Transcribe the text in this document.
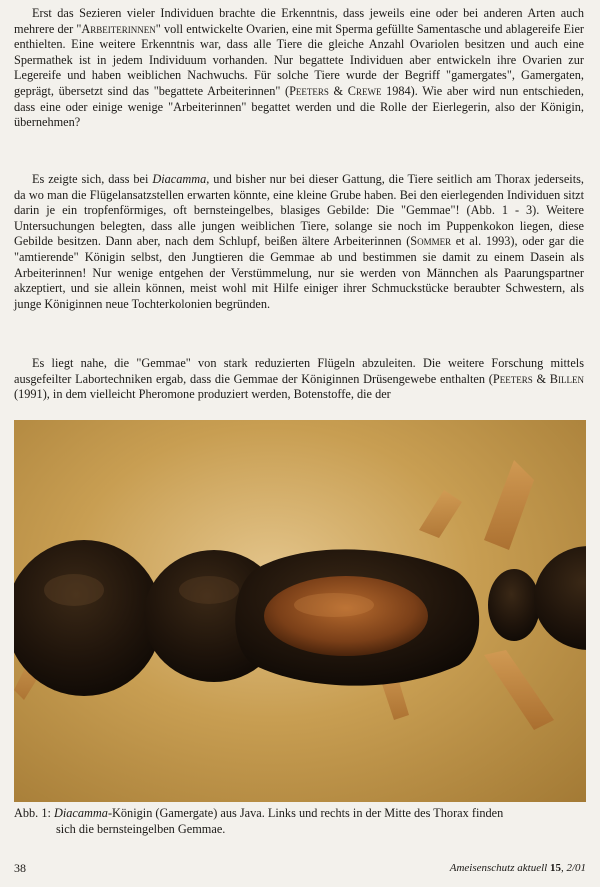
Erst das Sezieren vieler Individuen brachte die Erkenntnis, dass jeweils eine oder bei anderen Arten auch mehrere der "Arbeiterinnen" voll entwickelte Ovarien, eine mit Sperma gefüllte Samentasche und ablagereife Eier enthielten. Eine weitere Erkenntnis war, dass alle Tiere die gleiche Anzahl Ovariolen besitzen und auch eine Spermathek ist in jedem Individuum vorhanden. Nur begattete Individuen aber entwickeln ihre Ovarien zur Legereife und haben weiblichen Nachwuchs. Für solche Tiere wurde der Begriff "gamergates", Gamergaten, geprägt, übersetzt sind das "begattete Arbeiterinnen" (Peeters & Crewe 1984). Wie aber wird nun entschieden, dass eine oder einige wenige "Arbeiterinnen" begattet werden und die Rolle der Eierlegerin, also der Königin, übernehmen?

Es zeigte sich, dass bei Diacamma, und bisher nur bei dieser Gattung, die Tiere seitlich am Thorax jederseits, da wo man die Flügelansatzstellen erwarten könnte, eine kleine Grube haben. Bei den eierlegenden Individuen sitzt darin je ein tropfenförmiges, oft bernsteingelbes, blasiges Gebilde: Die "Gemmae"! (Abb. 1 - 3). Weitere Untersuchungen belegten, dass alle jungen weiblichen Tiere, solange sie noch im Puppenkokon liegen, diese Gebilde besitzen. Dann aber, nach dem Schlupf, beißen ältere Arbeiterinnen (Sommer et al. 1993), oder gar die "amtierende" Königin selbst, den Jungtieren die Gemmae ab und bestimmen sie damit zu einem Dasein als Arbeiterinnen! Nur wenige entgehen der Verstümmelung, nur sie werden von Männchen als Paarungspartner akzeptiert, und sie allein können, meist wohl mit Hilfe einiger ihrer Schmuckstücke beraubter Schwestern, als junge Königinnen neue Tochterkolonien begründen.

Es liegt nahe, die "Gemmae" von stark reduzierten Flügeln abzuleiten. Die weitere Forschung mittels ausgefeilter Labortechniken ergab, dass die Gemmae der Königinnen Drüsengewebe enthalten (Peeters & Billen (1991), in dem vielleicht Pheromone produziert werden, Botenstoffe, die der

Abb. 1: Diacamma-Königin (Gamergate) aus Java. Links und rechts in der Mitte des Thorax finden
sich die bernsteingelben Gemmae.

38	Ameisenschutz aktuell 15, 2/01
